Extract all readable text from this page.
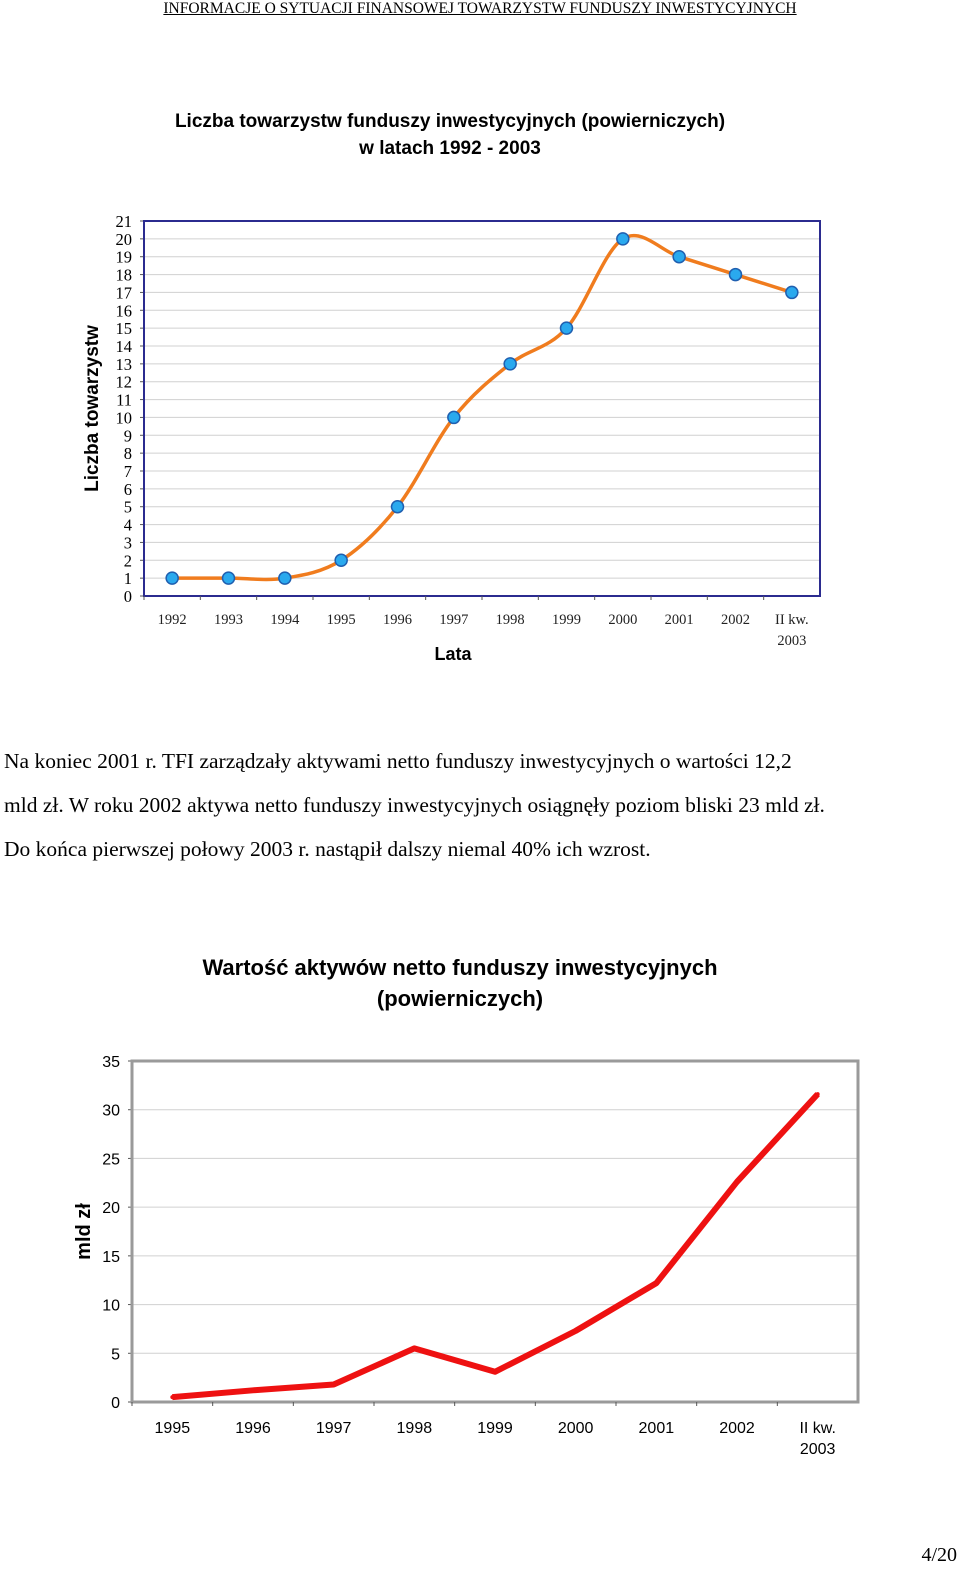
INFORMACJE O SYTUACJI FINANSOWEJ TOWARZYSTW FUNDUSZY INWESTYCYJNYCH
Liczba towarzystw funduszy inwestycyjnych (powierniczych)
w latach 1992 - 2003
0
1
2
3
4
5
6
7
8
9
10
11
12
13
14
15
16
17
18
19
20
21
1992 1993 1994 1995 1996 1997 1998 1999 2000 2001 2002 II kw.
2003
Lata
Liczba towarzystw
Na koniec 2001 r. TFI zarządzały aktywami netto funduszy inwestycyjnych o wartości 12,2
mld zł. W roku 2002 aktywa netto funduszy inwestycyjnych osiągnęły poziom bliski 23 mld zł.
Do końca pierwszej połowy 2003 r. nastąpił dalszy niemal 40% ich wzrost.
Wartość aktywów netto funduszy inwestycyjnych
(powierniczych)
0
5
10
15
20
25
30
35
1995	1996	1997	1998	1999	2000	2001	2002	II kw.
2003
mld zł
4/20
